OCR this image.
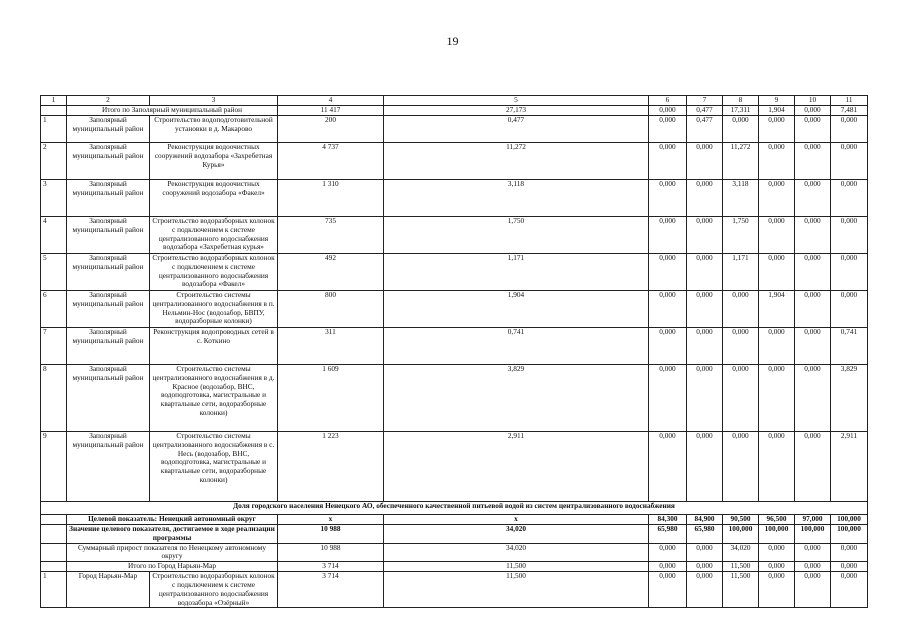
19
1	2	3	4	5	6	7	8	9	10	11
	Итого по Заполярный муниципальный район		11 417	27,173	0,000	0,477	17,311	1,904	0,000	7,481
1	Заполярный муниципальный район	Строительство водоподготовительной установки в д. Макарово	200	0,477	0,000	0,477	0,000	0,000	0,000	0,000
2	Заполярный муниципальный район	Реконструкция водоочистных сооружений водозабора «Захребетная Курья»	4 737	11,272	0,000	0,000	11,272	0,000	0,000	0,000
3	Заполярный муниципальный район	Реконструкция водоочистных сооружений водозабора «Факел»	1 310	3,118	0,000	0,000	3,118	0,000	0,000	0,000
4	Заполярный муниципальный район	Строительство водоразборных колонок с подключением к системе централизованного водоснабжения водозабора «Захребетная курья»	735	1,750	0,000	0,000	1,750	0,000	0,000	0,000
5	Заполярный муниципальный район	Строительство водоразборных колонок с подключением к системе централизованного водоснабжения водозабора «Факел»	492	1,171	0,000	0,000	1,171	0,000	0,000	0,000
6	Заполярный муниципальный район	Строительство системы централизованного водоснабжения в п. Нельмин-Нос (водозабор, БВПУ, водоразборные колонки)	800	1,904	0,000	0,000	0,000	1,904	0,000	0,000
7	Заполярный муниципальный район	Реконструкция водопроводных сетей в с. Коткино	311	0,741	0,000	0,000	0,000	0,000	0,000	0,741
8	Заполярный муниципальный район	Строительство системы централизованного водоснабжения в д. Красное (водозабор, ВНС, водоподготовка, магистральные и квартальные сети, водоразборные колонки)	1 609	3,829	0,000	0,000	0,000	0,000	0,000	3,829
9	Заполярный муниципальный район	Строительство системы централизованного водоснабжения в с. Несь (водозабор, ВНС, водоподготовка, магистральные и квартальные сети, водоразборные колонки)	1 223	2,911	0,000	0,000	0,000	0,000	0,000	2,911
Доля городского населения Ненецкого АО, обеспеченного качественной питьевой водой из систем централизованного водоснабжения										
	Целевой показатель: Ненецкий автономный округ		x	x	84,300	84,900	90,500	96,500	97,000	100,000
	Значение целевого показателя, достигаемое в ходе реализации программы		10 988	34,020	65,980	65,980	100,000	100,000	100,000	100,000
	Суммарный прирост показателя по Ненецкому автономному округу		10 988	34,020	0,000	0,000	34,020	0,000	0,000	0,000
	Итого по Город Нарьян-Мар		3 714	11,500	0,000	0,000	11,500	0,000	0,000	0,000
1	Город Нарьян-Мар	Строительство водоразборных колонок с подключением к системе централизованного водоснабжения водозабора «Озёрный»	3 714	11,500	0,000	0,000	11,500	0,000	0,000	0,000
